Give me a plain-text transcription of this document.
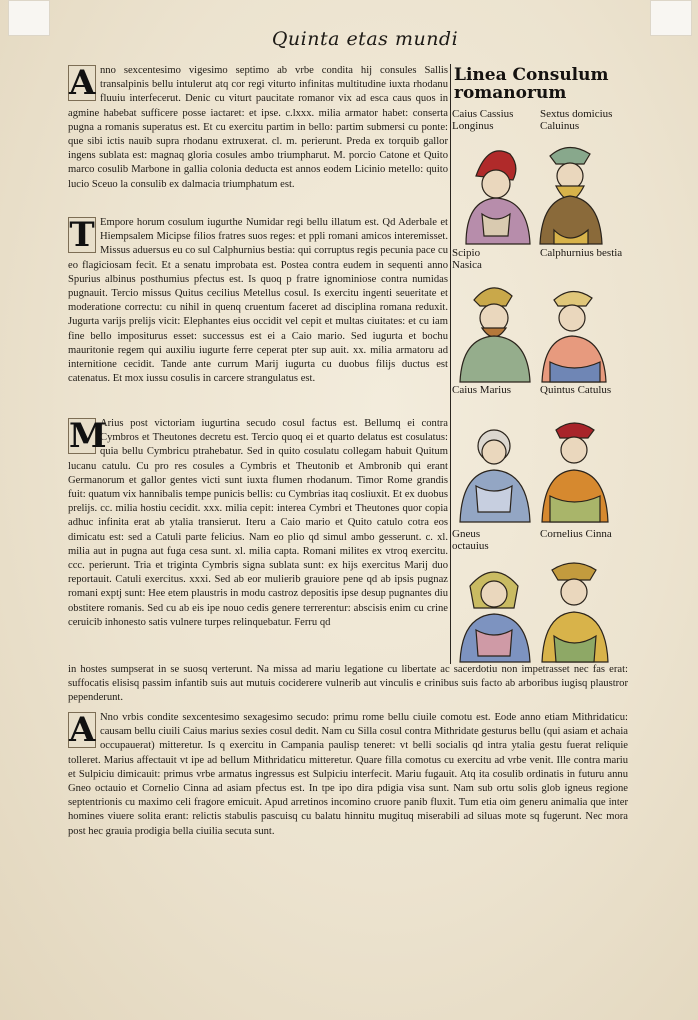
Quinta etas mundi
A nno sexcentesimo vigesimo septimo ab vrbe condita hij consules Sallis transalpinis bellu intulerut atq cor regi viturto infinitas multitudine iuxta rhodanu fluuiu interfecerut. Denic cu viturt paucitate romanor vix ad esca caus quos in agmine habebat sufficere posse iactaret: et ipse. c.lxxx. milia armator habet: conserta pugna a romanis superatus est. Et cu exercitu partim in bello: partim submersi cu ponte: que sibi ictis nauib supra rhodanu extruxerat. cl. m. perierunt. Preda ex torquib gallor ingens sublata est: magnaq gloria cosules ambo triumpharut. M. porcio Catone et Quito marco cosulib Marbone in gallia colonia deducta est annos eodem Licinio metello: quito lucio Sceuo la consulib ex dalmacia triumphatum est.
T Empore horum cosulum iugurthe Numidar regi bellu illatum est. Qd Aderbale et Hiempsalem Micipse filios fratres suos reges: et ppli romani amicos interemisset. Missus aduersus eu co sul Calphurnius bestia: qui corruptus regis pecunia pace cu eo flagiciosam fecit. Et a senatu improbata est. Postea contra eudem in sequenti anno Spurius albinus posthumius pfectus est. Is quoq p fratre ignominiose contra numidas pugnauit. Tercio missus Quitus cecilius Metellus cosul. Is exercitu ingenti seueritate et moderatione correctu: cu nihil in quenq cruentum faceret ad disciplina romana reduxit. Jugurta varijs prelijs vicit: Elephantes eius occidit vel cepit et multas ciuitates: et cu iam fine bello impositurus esset: successus est ei a Caio mario. Sed iugurta et bochu mauritonie regem qui auxiliu iugurte ferre ceperat pter sup auit. xx. milia armatoru ad internitione cecidit. Tande ante currum Marij iugurta cu duobus filijs ductus est catenatus. Et mox iussu cosulis in carcere strangulatus est.
M
Arius post victoriam iugurtina secudo cosul factus est. Bellumq ei contra Cymbros et Theutones decretu est. Tercio quoq ei et quarto delatus est cosulatus: quia bellu Cymbricu ptrahebatur. Sed in quito cosulatu collegam habuit Quitum lucanu catulu. Cu pro res cosules a Cymbris et Theutonib et Ambronib qui erant Germanorum et gallor gentes victi sunt iuxta flumen rhodanum. Timor Rome grandis fuit: quatum vix hannibalis tempe punicis bellis: cu Cymbrias itaq cosliuxit. Et ex duobus prelijs. cc. milia hostiu cecidit. xxx. milia cepit: interea Cymbri et Theutones quor copia adhuc infinita erat ab ytalia transierut. Iteru a Caio mario et Quito catulo cotra eos dimicatu est: sed a Catuli parte felicius. Nam eo plio qd simul ambo gesserunt. c. xl. milia aut in pugna aut fuga cesa sunt. xl. milia capta. Romani milites ex vtroq exercitu. ccc. perierunt. Tria et triginta Cymbris signa sublata sunt: ex hijs exercitus Marij duo reportauit. Catuli exercitus. xxxi. Sed ab eor mulierib grauiore pene qd ab ipsis pugnaz romani exptj sunt: Hee etem plaustris in modu castroz depositis ipse desup pugnantes diu obstitere romanis. Sed cu ab eis ipe nouo cedis genere terrerentur: abscisis enim cu crine ceruicib inhonesto satis vulnere turpes relinquebatur. Ferru qd
in hostes sumpserat in se suosq verterunt. Na missa ad mariu legatione cu libertate ac sacerdotiu non impetrasset nec fas erat: suffocatis elisisq passim infantib suis aut mutuis cociderere vulnerib aut vinculis e crinibus suis facto ab arboribus iugisq plaustror pependerunt.
A Nno vrbis condite sexcentesimo sexagesimo secudo: primu rome bellu ciuile comotu est. Eode anno etiam Mithridaticu: causam bellu ciuili Caius marius sexies cosul dedit. Nam cu Silla cosul contra Mithridate gesturus bellu (qui asiam et achaia occupauerat) mitteretur. Is q exercitu in Campania paulisp teneret: vt belli socialis qd intra ytalia gestu fuerat reliquie tolleret. Marius affectauit vt ipe ad bellum Mithridaticu mitteretur. Quare filla comotus cu exercitu ad vrbe venit. Ille contra mariu et Sulpiciu dimicauit: primus vrbe armatus ingressus est Sulpiciu interfecit. Mariu fugauit. Atq ita cosulib ordinatis in futuru annu Gneo octauio et Cornelio Cinna ad asiam pfectus est. In tpe ipo dira pdigia visa sunt. Nam sub ortu solis glob igneus regione septentrionis cu maximo celi fragore emicuit. Apud arretinos incomino cruore panib fluxit. Tum etia oim generu animalia que inter homines viuere solita erant: relictis stabulis pascuisq cu balatu hinnitu mugituq miserabili ad siluas mote sq fugerunt. Nec mora post hec grauia prodigia bella ciuilia secuta sunt.
Linea Consulum romanorum
Caius Cassius Longinus
Sextus domicius Caluinus
Scipio Nasica
Calphurnius bestia
Caius Marius	Quintus Catulus
Gneus octauius
Cornelius Cinna
